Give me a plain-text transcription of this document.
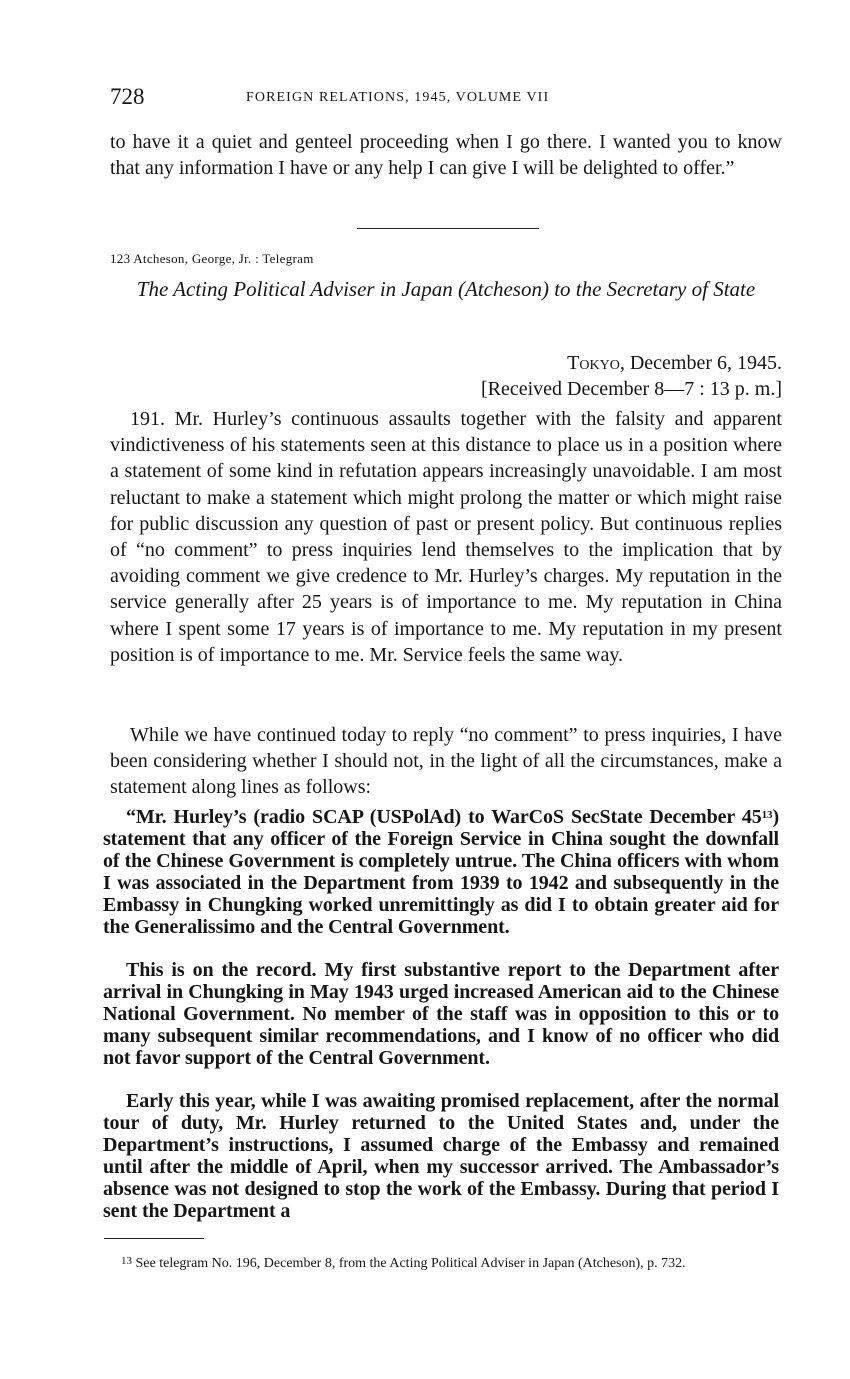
728	FOREIGN RELATIONS, 1945, VOLUME VII

to have it a quiet and genteel proceeding when I go there. I wanted you to know that any information I have or any help I can give I will be delighted to offer.”

123 Atcheson, George, Jr. : Telegram

The Acting Political Adviser in Japan (Atcheson) to the Secretary of State

Tokyo, December 6, 1945.
[Received December 8—7 : 13 p. m.]

191. Mr. Hurley’s continuous assaults together with the falsity and apparent vindictiveness of his statements seen at this distance to place us in a position where a statement of some kind in refutation appears increasingly unavoidable. I am most reluctant to make a statement which might prolong the matter or which might raise for public discussion any question of past or present policy. But continuous replies of “no comment” to press inquiries lend themselves to the implication that by avoiding comment we give credence to Mr. Hurley’s charges. My reputation in the service generally after 25 years is of importance to me. My reputation in China where I spent some 17 years is of importance to me. My reputation in my present position is of importance to me. Mr. Service feels the same way.

While we have continued today to reply “no comment” to press inquiries, I have been considering whether I should not, in the light of all the circumstances, make a statement along lines as follows:

“Mr. Hurley’s (radio SCAP (USPolAd) to WarCoS SecState December $45^{13}$) statement that any officer of the Foreign Service in China sought the downfall of the Chinese Government is completely untrue. The China officers with whom I was associated in the Department from 1939 to 1942 and subsequently in the Embassy in Chungking worked unremittingly as did I to obtain greater aid for the Generalissimo and the Central Government.

This is on the record. My first substantive report to the Department after arrival in Chungking in May 1943 urged increased American aid to the Chinese National Government. No member of the staff was in opposition to this or to many subsequent similar recommendations, and I know of no officer who did not favor support of the Central Government.

Early this year, while I was awaiting promised replacement, after the normal tour of duty, Mr. Hurley returned to the United States and, under the Department’s instructions, I assumed charge of the Embassy and remained until after the middle of April, when my successor arrived. The Ambassador’s absence was not designed to stop the work of the Embassy. During that period I sent the Department a

$^{13}$ See telegram No. 196, December 8, from the Acting Political Adviser in Japan (Atcheson), p. 732.
